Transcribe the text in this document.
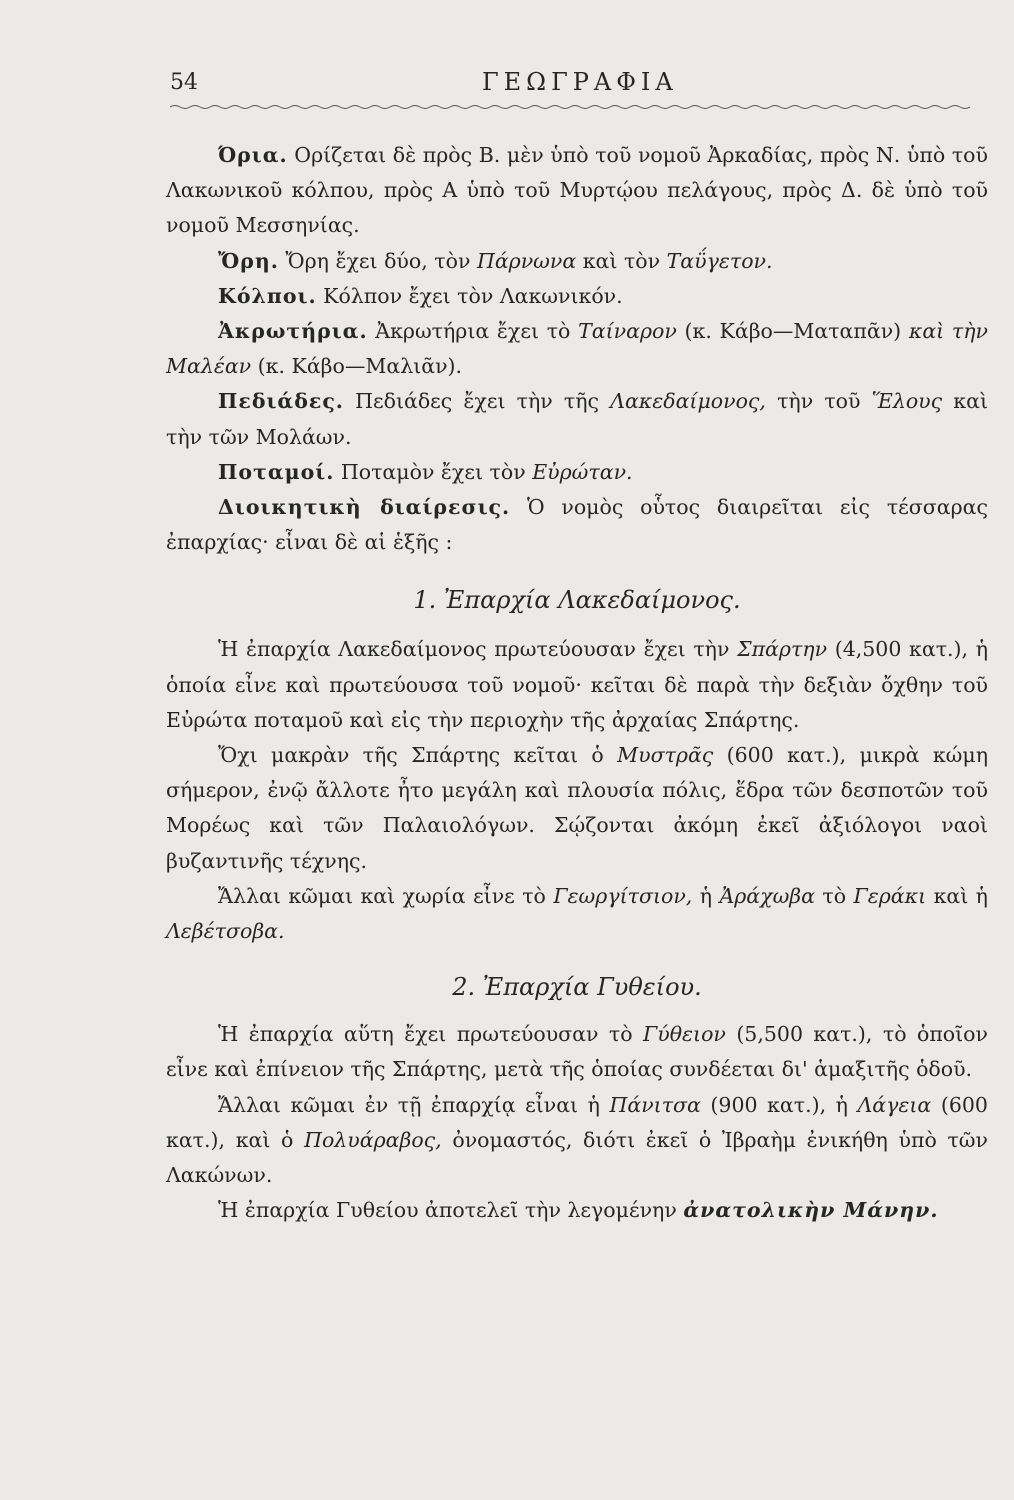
54	ΓΕΩΓΡΑΦΙΑ

Όρια. Ορίζεται δὲ πρὸς Β. μὲν ὑπὸ τοῦ νομοῦ Ἀρκαδίας, πρὸς Ν. ὑπὸ τοῦ Λακωνικοῦ κόλπου, πρὸς Α ὑπὸ τοῦ Μυρτῴου πελάγους, πρὸς Δ. δὲ ὑπὸ τοῦ νομοῦ Μεσσηνίας.

Ὄρη. Ὄρη ἔχει δύο, τὸν Πάρνωνα καὶ τὸν Ταΰγετον.

Κόλποι. Κόλπον ἔχει τὸν Λακωνικόν.

Ἀκρωτήρια. Ἀκρωτήρια ἔχει τὸ Ταίναρον (κ. Κάβο—Ματαπᾶν) καὶ τὴν Μαλέαν (κ. Κάβο—Μαλιᾶν).

Πεδιάδες. Πεδιάδες ἔχει τὴν τῆς Λακεδαίμονος, τὴν τοῦ Ἕλους καὶ τὴν τῶν Μολάων.

Ποταμοί. Ποταμὸν ἔχει τὸν Εὐρώταν.

Διοικητικὴ διαίρεσις. Ὁ νομὸς οὗτος διαιρεῖται εἰς τέσσαρας ἐπαρχίας· εἶναι δὲ αἱ ἑξῆς :

1. Ἐπαρχία Λακεδαίμονος.

Ἡ ἐπαρχία Λακεδαίμονος πρωτεύουσαν ἔχει τὴν Σπάρτην (4,500 κατ.), ἡ ὁποία εἶνε καὶ πρωτεύουσα τοῦ νομοῦ· κεῖται δὲ παρὰ τὴν δεξιὰν ὄχθην τοῦ Εὐρώτα ποταμοῦ καὶ εἰς τὴν περιοχὴν τῆς ἀρχαίας Σπάρτης.

Ὄχι μακρὰν τῆς Σπάρτης κεῖται ὁ Μυστρᾶς (600 κατ.), μικρὰ κώμη σήμερον, ἐνῷ ἄλλοτε ἦτο μεγάλη καὶ πλουσία πόλις, ἕδρα τῶν δεσποτῶν τοῦ Μορέως καὶ τῶν Παλαιολόγων. Σῴζονται ἀκόμη ἐκεῖ ἀξιόλογοι ναοὶ βυζαντινῆς τέχνης.

Ἄλλαι κῶμαι καὶ χωρία εἶνε τὸ Γεωργίτσιον, ἡ Ἀράχωβα τὸ Γεράκι καὶ ἡ Λεβέτσοβα.

2. Ἐπαρχία Γυθείου.

Ἡ ἐπαρχία αὕτη ἔχει πρωτεύουσαν τὸ Γύθειον (5,500 κατ.), τὸ ὁποῖον εἶνε καὶ ἐπίνειον τῆς Σπάρτης, μετὰ τῆς ὁποίας συνδέεται δι' ἁμαξιτῆς ὁδοῦ.

Ἄλλαι κῶμαι ἐν τῇ ἐπαρχίᾳ εἶναι ἡ Πάνιτσα (900 κατ.), ἡ Λάγεια (600 κατ.), καὶ ὁ Πολυάραβος, ὀνομαστός, διότι ἐκεῖ ὁ Ἰβραὴμ ἐνικήθη ὑπὸ τῶν Λακώνων.

Ἡ ἐπαρχία Γυθείου ἀποτελεῖ τὴν λεγομένην ἀνατολικὴν Μάνην.
